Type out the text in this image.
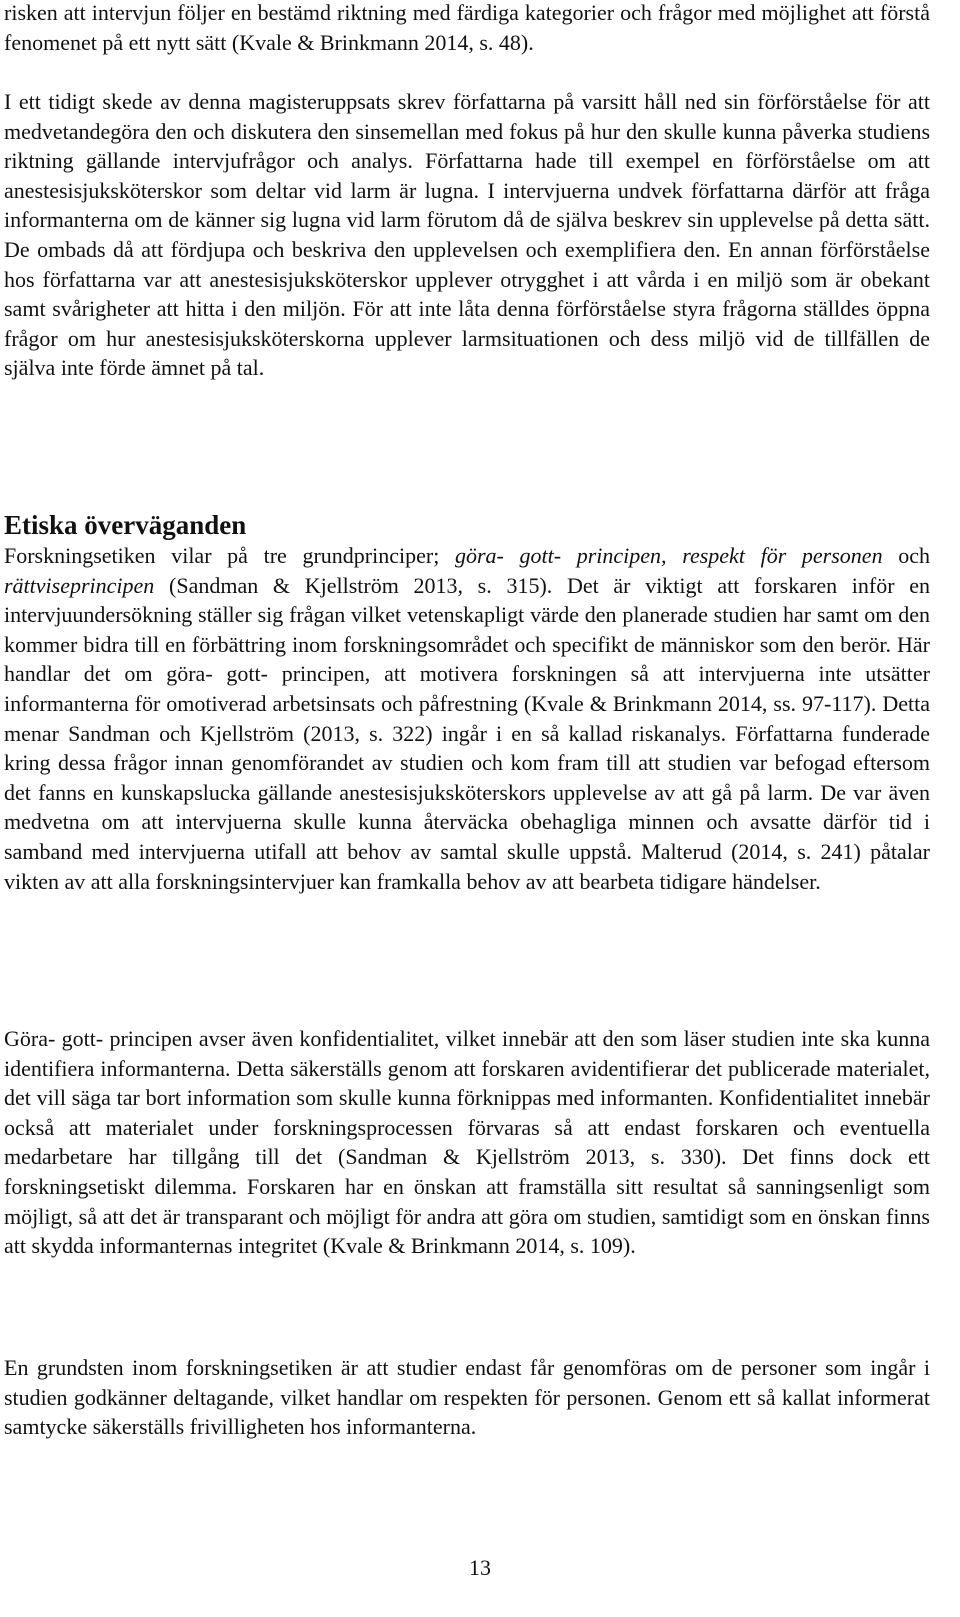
risken att intervjun följer en bestämd riktning med färdiga kategorier och frågor med möjlighet att förstå fenomenet på ett nytt sätt (Kvale & Brinkmann 2014, s. 48).

I ett tidigt skede av denna magisteruppsats skrev författarna på varsitt håll ned sin förförståelse för att medvetandegöra den och diskutera den sinsemellan med fokus på hur den skulle kunna påverka studiens riktning gällande intervjufrågor och analys. Författarna hade till exempel en förförståelse om att anestesisjuksköterskor som deltar vid larm är lugna. I intervjuerna undvek författarna därför att fråga informanterna om de känner sig lugna vid larm förutom då de själva beskrev sin upplevelse på detta sätt. De ombads då att fördjupa och beskriva den upplevelsen och exemplifiera den. En annan förförståelse hos författarna var att anestesisjuksköterskor upplever otrygghet i att vårda i en miljö som är obekant samt svårigheter att hitta i den miljön. För att inte låta denna förförståelse styra frågorna ställdes öppna frågor om hur anestesisjuksköterskorna upplever larmsituationen och dess miljö vid de tillfällen de själva inte förde ämnet på tal.

Etiska överväganden

Forskningsetiken vilar på tre grundprinciper; göra- gott- principen, respekt för personen och rättviseprincipen (Sandman & Kjellström 2013, s. 315). Det är viktigt att forskaren inför en intervjuundersökning ställer sig frågan vilket vetenskapligt värde den planerade studien har samt om den kommer bidra till en förbättring inom forskningsområdet och specifikt de människor som den berör. Här handlar det om göra- gott- principen, att motivera forskningen så att intervjuerna inte utsätter informanterna för omotiverad arbetsinsats och påfrestning (Kvale & Brinkmann 2014, ss. 97-117). Detta menar Sandman och Kjellström (2013, s. 322) ingår i en så kallad riskanalys. Författarna funderade kring dessa frågor innan genomförandet av studien och kom fram till att studien var befogad eftersom det fanns en kunskapslucka gällande anestesisjuksköterskors upplevelse av att gå på larm. De var även medvetna om att intervjuerna skulle kunna återväcka obehagliga minnen och avsatte därför tid i samband med intervjuerna utifall att behov av samtal skulle uppstå. Malterud (2014, s. 241) påtalar vikten av att alla forskningsintervjuer kan framkalla behov av att bearbeta tidigare händelser.

Göra- gott- principen avser även konfidentialitet, vilket innebär att den som läser studien inte ska kunna identifiera informanterna. Detta säkerställs genom att forskaren avidentifierar det publicerade materialet, det vill säga tar bort information som skulle kunna förknippas med informanten. Konfidentialitet innebär också att materialet under forskningsprocessen förvaras så att endast forskaren och eventuella medarbetare har tillgång till det (Sandman & Kjellström 2013, s. 330). Det finns dock ett forskningsetiskt dilemma. Forskaren har en önskan att framställa sitt resultat så sanningsenligt som möjligt, så att det är transparant och möjligt för andra att göra om studien, samtidigt som en önskan finns att skydda informanternas integritet (Kvale & Brinkmann 2014, s. 109).

En grundsten inom forskningsetiken är att studier endast får genomföras om de personer som ingår i studien godkänner deltagande, vilket handlar om respekten för personen. Genom ett så kallat informerat samtycke säkerställs frivilligheten hos informanterna.

13
